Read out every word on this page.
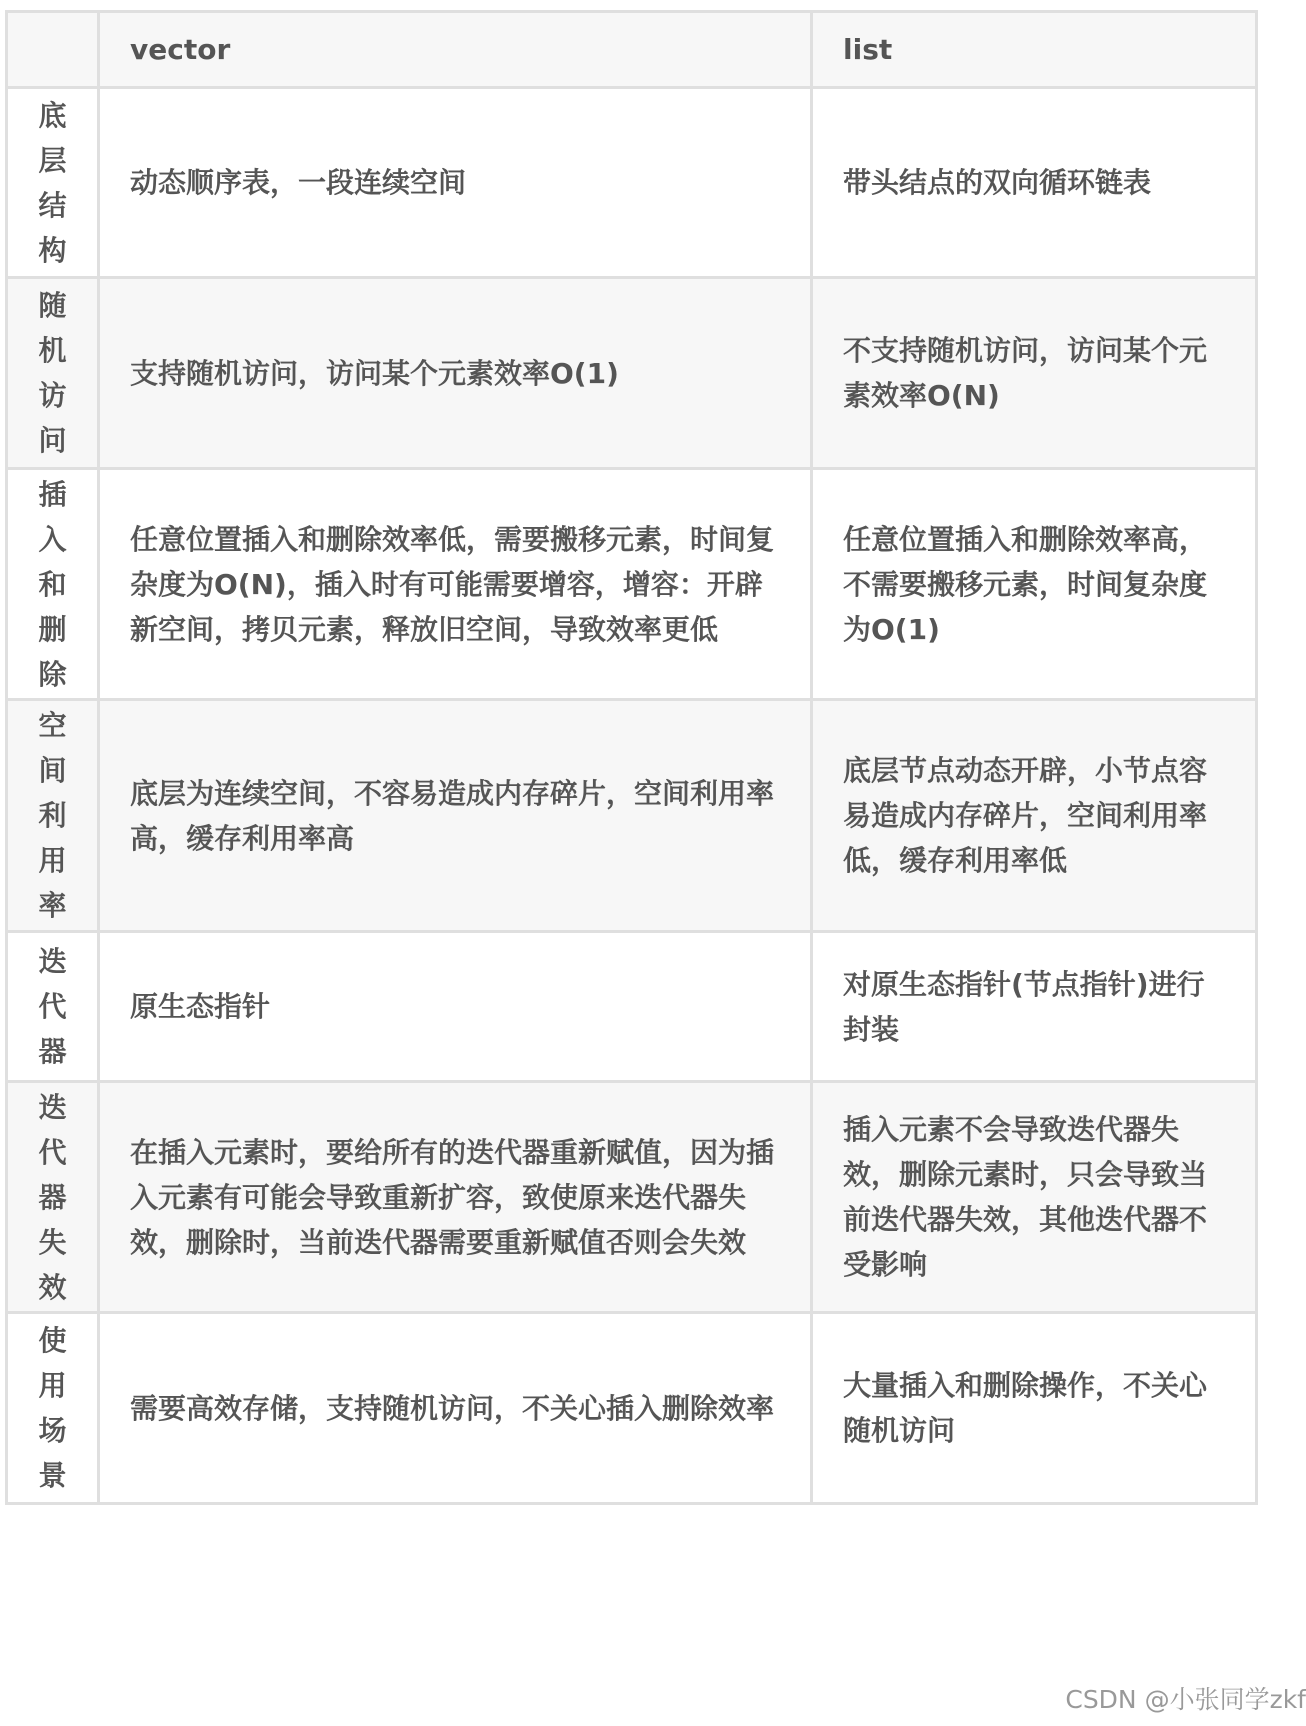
	vector	list
底层结构	动态顺序表，一段连续空间	带头结点的双向循环链表
随机访问	支持随机访问，访问某个元素效率O(1)	不支持随机访问，访问某个元素效率O(N)
插入和删除	任意位置插入和删除效率低，需要搬移元素，时间复杂度为O(N)，插入时有可能需要增容，增容：开辟新空间，拷贝元素，释放旧空间，导致效率更低	任意位置插入和删除效率高，不需要搬移元素，时间复杂度为O(1)
空间利用率	底层为连续空间，不容易造成内存碎片，空间利用率高，缓存利用率高	底层节点动态开辟，小节点容易造成内存碎片，空间利用率低，缓存利用率低
迭代器	原生态指针	对原生态指针(节点指针)进行封装
迭代器失效	在插入元素时，要给所有的迭代器重新赋值，因为插入元素有可能会导致重新扩容，致使原来迭代器失效，删除时，当前迭代器需要重新赋值否则会失效	插入元素不会导致迭代器失效，删除元素时，只会导致当前迭代器失效，其他迭代器不受影响
使用场景	需要高效存储，支持随机访问，不关心插入删除效率	大量插入和删除操作，不关心随机访问
CSDN @小张同学zkf
